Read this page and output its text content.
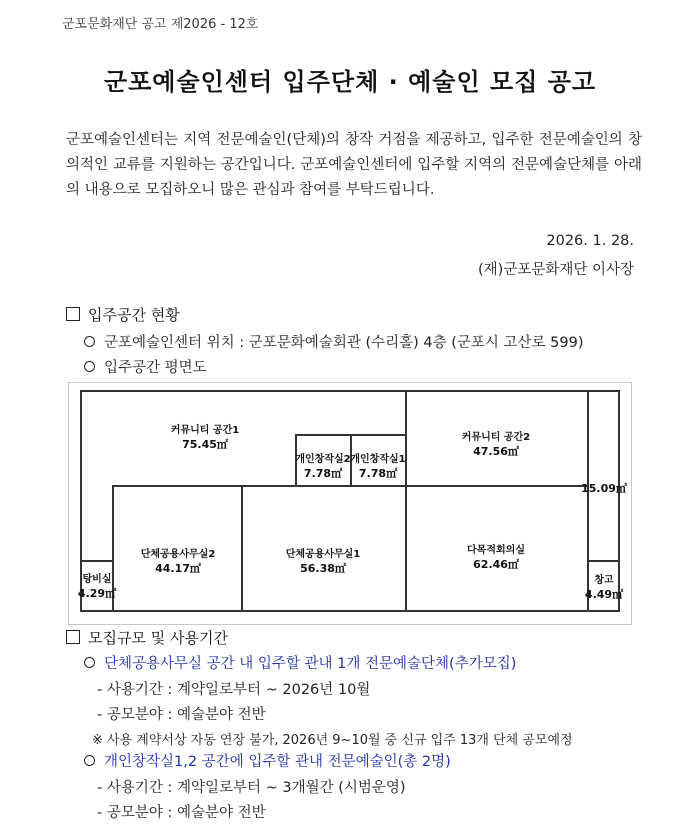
군포문화재단 공고 제2026 - 12호
군포예술인센터 입주단체 · 예술인 모집 공고
군포예술인센터는 지역 전문예술인(단체)의 창작 거점을 제공하고, 입주한 전문예술인의 창의적인 교류를 지원하는 공간입니다. 군포예술인센터에 입주할 지역의 전문예술단체를 아래의 내용으로 모집하오니 많은 관심과 참여를 부탁드립니다.
2026. 1. 28.
(재)군포문화재단 이사장
입주공간 현황
군포예술인센터 위치 : 군포문화예술회관 (수리홀) 4층 (군포시 고산로 599)
입주공간 평면도
커뮤니티 공간1
75.45㎡
개인창작실2
7.78㎡
개인창작실1
7.78㎡
커뮤니티 공간2
47.56㎡
15.09㎡
탕비실
4.29㎡
단체공용사무실2
44.17㎡
단체공용사무실1
56.38㎡
다목적회의실
62.46㎡
창고
4.49㎡
모집규모 및 사용기간
단체공용사무실 공간 내 입주할 관내 1개 전문예술단체(추가모집)
- 사용기간 : 계약일로부터 ~ 2026년 10월
- 공모분야 : 예술분야 전반
※ 사용 계약서상 자동 연장 불가, 2026년 9~10월 중 신규 입주 13개 단체 공모예정
개인창작실1,2 공간에 입주할 관내 전문예술인(총 2명)
- 사용기간 : 계약일로부터 ~ 3개월간 (시범운영)
- 공모분야 : 예술분야 전반
